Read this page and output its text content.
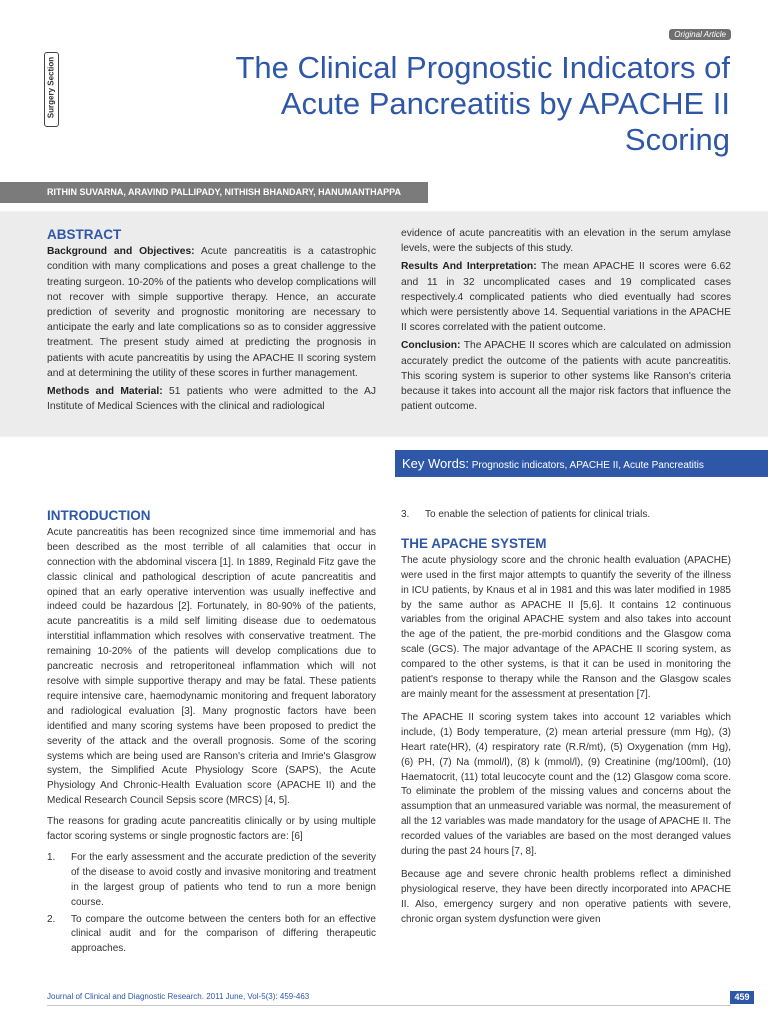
Original Article
Surgery Section	The Clinical Prognostic Indicators of Acute Pancreatitis by APACHE II Scoring
RITHIN SUVARNA, ARAVIND PALLIPADY, NITHISH BHANDARY, HANUMANTHAPPA
ABSTRACT

Background and Objectives: Acute pancreatitis is a catastrophic condition with many complications and poses a great challenge to the treating surgeon. 10-20% of the patients who develop complications will not recover with simple supportive therapy. Hence, an accurate prediction of severity and prognostic monitoring are necessary to anticipate the early and late complications so as to consider aggressive treatment. The present study aimed at predicting the prognosis in patients with acute pancreatitis by using the APACHE II scoring system and at determining the utility of these scores in further management.

Methods and Material: 51 patients who were admitted to the AJ Institute of Medical Sciences with the clinical and radiological

evidence of acute pancreatitis with an elevation in the serum amylase levels, were the subjects of this study.

Results And Interpretation: The mean APACHE II scores were 6.62 and 11 in 32 uncomplicated cases and 19 complicated cases respectively.4 complicated patients who died eventually had scores which were persistently above 14. Sequential variations in the APACHE II scores correlated with the patient outcome.

Conclusion: The APACHE II scores which are calculated on admission accurately predict the outcome of the patients with acute pancreatitis. This scoring system is superior to other systems like Ranson's criteria because it takes into account all the major risk factors that influence the patient outcome.

Key Words: Prognostic indicators, APACHE II, Acute Pancreatitis
INTRODUCTION

Acute pancreatitis has been recognized since time immemorial and has been described as the most terrible of all calamities that occur in connection with the abdominal viscera [1]. In 1889, Reginald Fitz gave the classic clinical and pathological description of acute pancreatitis and opined that an early operative intervention was usually ineffective and indeed could be hazardous [2]. Fortunately, in 80-90% of the patients, acute pancreatitis is a mild self limiting disease due to oedematous interstitial inflammation which resolves with conservative treatment. The remaining 10-20% of the patients will develop complications due to pancreatic necrosis and retroperitoneal inflammation which will not resolve with simple supportive therapy and may be fatal. These patients require intensive care, haemodynamic monitoring and frequent laboratory and radiological evaluation [3]. Many prognostic factors have been identified and many scoring systems have been proposed to predict the severity of the attack and the overall prognosis. Some of the scoring systems which are being used are Ranson's criteria and Imrie's Glasgrow system, the Simplified Acute Physiology Score (SAPS), the Acute Physiology And Chronic-Health Evaluation score (APACHE II) and the Medical Research Council Sepsis score (MRCS) [4, 5].

The reasons for grading acute pancreatitis clinically or by using multiple factor scoring systems or single prognostic factors are: [6]

1. For the early assessment and the accurate prediction of the severity of the disease to avoid costly and invasive monitoring and treatment in the largest group of patients who tend to run a more benign course.
2. To compare the outcome between the centers both for an effective clinical audit and for the comparison of differing therapeutic approaches.
3. To enable the selection of patients for clinical trials.
THE APACHE SYSTEM

The acute physiology score and the chronic health evaluation (APACHE) were used in the first major attempts to quantify the severity of the illness in ICU patients, by Knaus et al in 1981 and this was later modified in 1985 by the same author as APACHE II [5,6]. It contains 12 continuous variables from the original APACHE system and also takes into account the age of the patient, the pre-morbid conditions and the Glasgow coma scale (GCS). The major advantage of the APACHE II scoring system, as compared to the other systems, is that it can be used in monitoring the patient's response to therapy while the Ranson and the Glasgow scales are mainly meant for the assessment at presentation [7].

The APACHE II scoring system takes into account 12 variables which include, (1) Body temperature, (2) mean arterial pressure (mm Hg), (3) Heart rate(HR), (4) respiratory rate (R.R/mt), (5) Oxygenation (mm Hg), (6) PH, (7) Na (mmol/l), (8) k (mmol/l), (9) Creatinine (mg/100ml), (10) Haematocrit, (11) total leucocyte count and the (12) Glasgow coma score. To eliminate the problem of the missing values and concerns about the assumption that an unmeasured variable was normal, the measurement of all the 12 variables was made mandatory for the usage of APACHE II. The recorded values of the variables are based on the most deranged values during the past 24 hours [7, 8].

Because age and severe chronic health problems reflect a diminished physiological reserve, they have been directly incorporated into APACHE II. Also, emergency surgery and non operative patients with severe, chronic organ system dysfunction were given

Journal of Clinical and Diagnostic Research. 2011 June, Vol-5(3): 459-463	459
